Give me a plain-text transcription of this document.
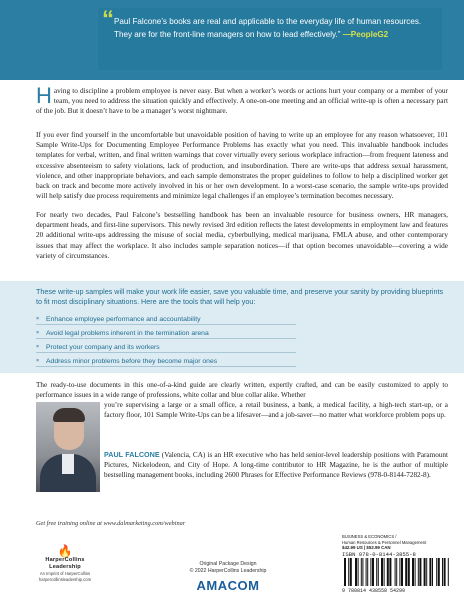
“ Paul Falcone’s books are real and applicable to the everyday life of human resources. They are for the front-line managers on how to lead effectively.” —PeopleG2

H aving to discipline a problem employee is never easy. But when a worker’s words or actions hurt your company or a member of your team, you need to address the situation quickly and effectively. A one-on-one meeting and an official write-up is often a necessary part of the job. But it doesn’t have to be a manager’s worst nightmare.

If you ever find yourself in the uncomfortable but unavoidable position of having to write up an employee for any reason whatsoever, 101 Sample Write-Ups for Documenting Employee Performance Problems has exactly what you need. This invaluable handbook includes templates for verbal, written, and final written warnings that cover virtually every serious workplace infraction—from frequent lateness and excessive absenteeism to safety violations, lack of production, and insubordination. There are write-ups that address sexual harassment, violence, and other inappropriate behaviors, and each sample demonstrates the proper guidelines to follow to help a disciplined worker get back on track and become more actively involved in his or her own development. In a worst-case scenario, the sample write-ups provided will help satisfy due process requirements and minimize legal challenges if an employee’s termination becomes necessary.

For nearly two decades, Paul Falcone’s bestselling handbook has been an invaluable resource for business owners, HR managers, department heads, and first-line supervisors. This newly revised 3rd edition reflects the latest developments in employment law and features 20 additional write-ups addressing the misuse of social media, cyberbullying, medical marijuana, FMLA abuse, and other contemporary issues that may affect the workplace. It also includes sample separation notices—if that option becomes unavoidable—covering a wide variety of circumstances.

These write-up samples will make your work life easier, save you valuable time, and preserve your sanity by providing blueprints to fit most disciplinary situations. Here are the tools that will help you:

▪ Enhance employee performance and accountability
▪ Avoid legal problems inherent in the termination arena
▪ Protect your company and its workers
▪ Address minor problems before they become major ones

The ready-to-use documents in this one-of-a-kind guide are clearly written, expertly crafted, and can be easily customized to apply to performance issues in a wide range of professions, white collar and blue collar alike. Whether

you’re supervising a large or a small office, a retail business, a bank, a medical facility, a high-tech start-up, or a factory floor, 101 Sample Write-Ups can be a lifesaver—and a job-saver—no matter what workforce problem pops up.

PAUL FALCONE (Valencia, CA) is an HR executive who has held senior-level leadership positions with Paramount Pictures, Nickelodeon, and City of Hope. A long-time contributor to HR Magazine, he is the author of multiple bestselling management books, including 2600 Phrases for Effective Performance Reviews (978-0-8144-7282-8).

Get free training online at www.dalmarketing.com/webinar

🔥
HarperCollins
Leadership
An Imprint of HarperCollins
harpercollinsleadership.com
Original Package Design
© 2022 HarperCollins Leadership
AMACOM
BUSINESS & ECONOMICS /
Human Resources & Personnel Management
$42.99 US | $53.99 CAN
ISBN 978-0-8144-3855-8
9 780814 438558 54299
